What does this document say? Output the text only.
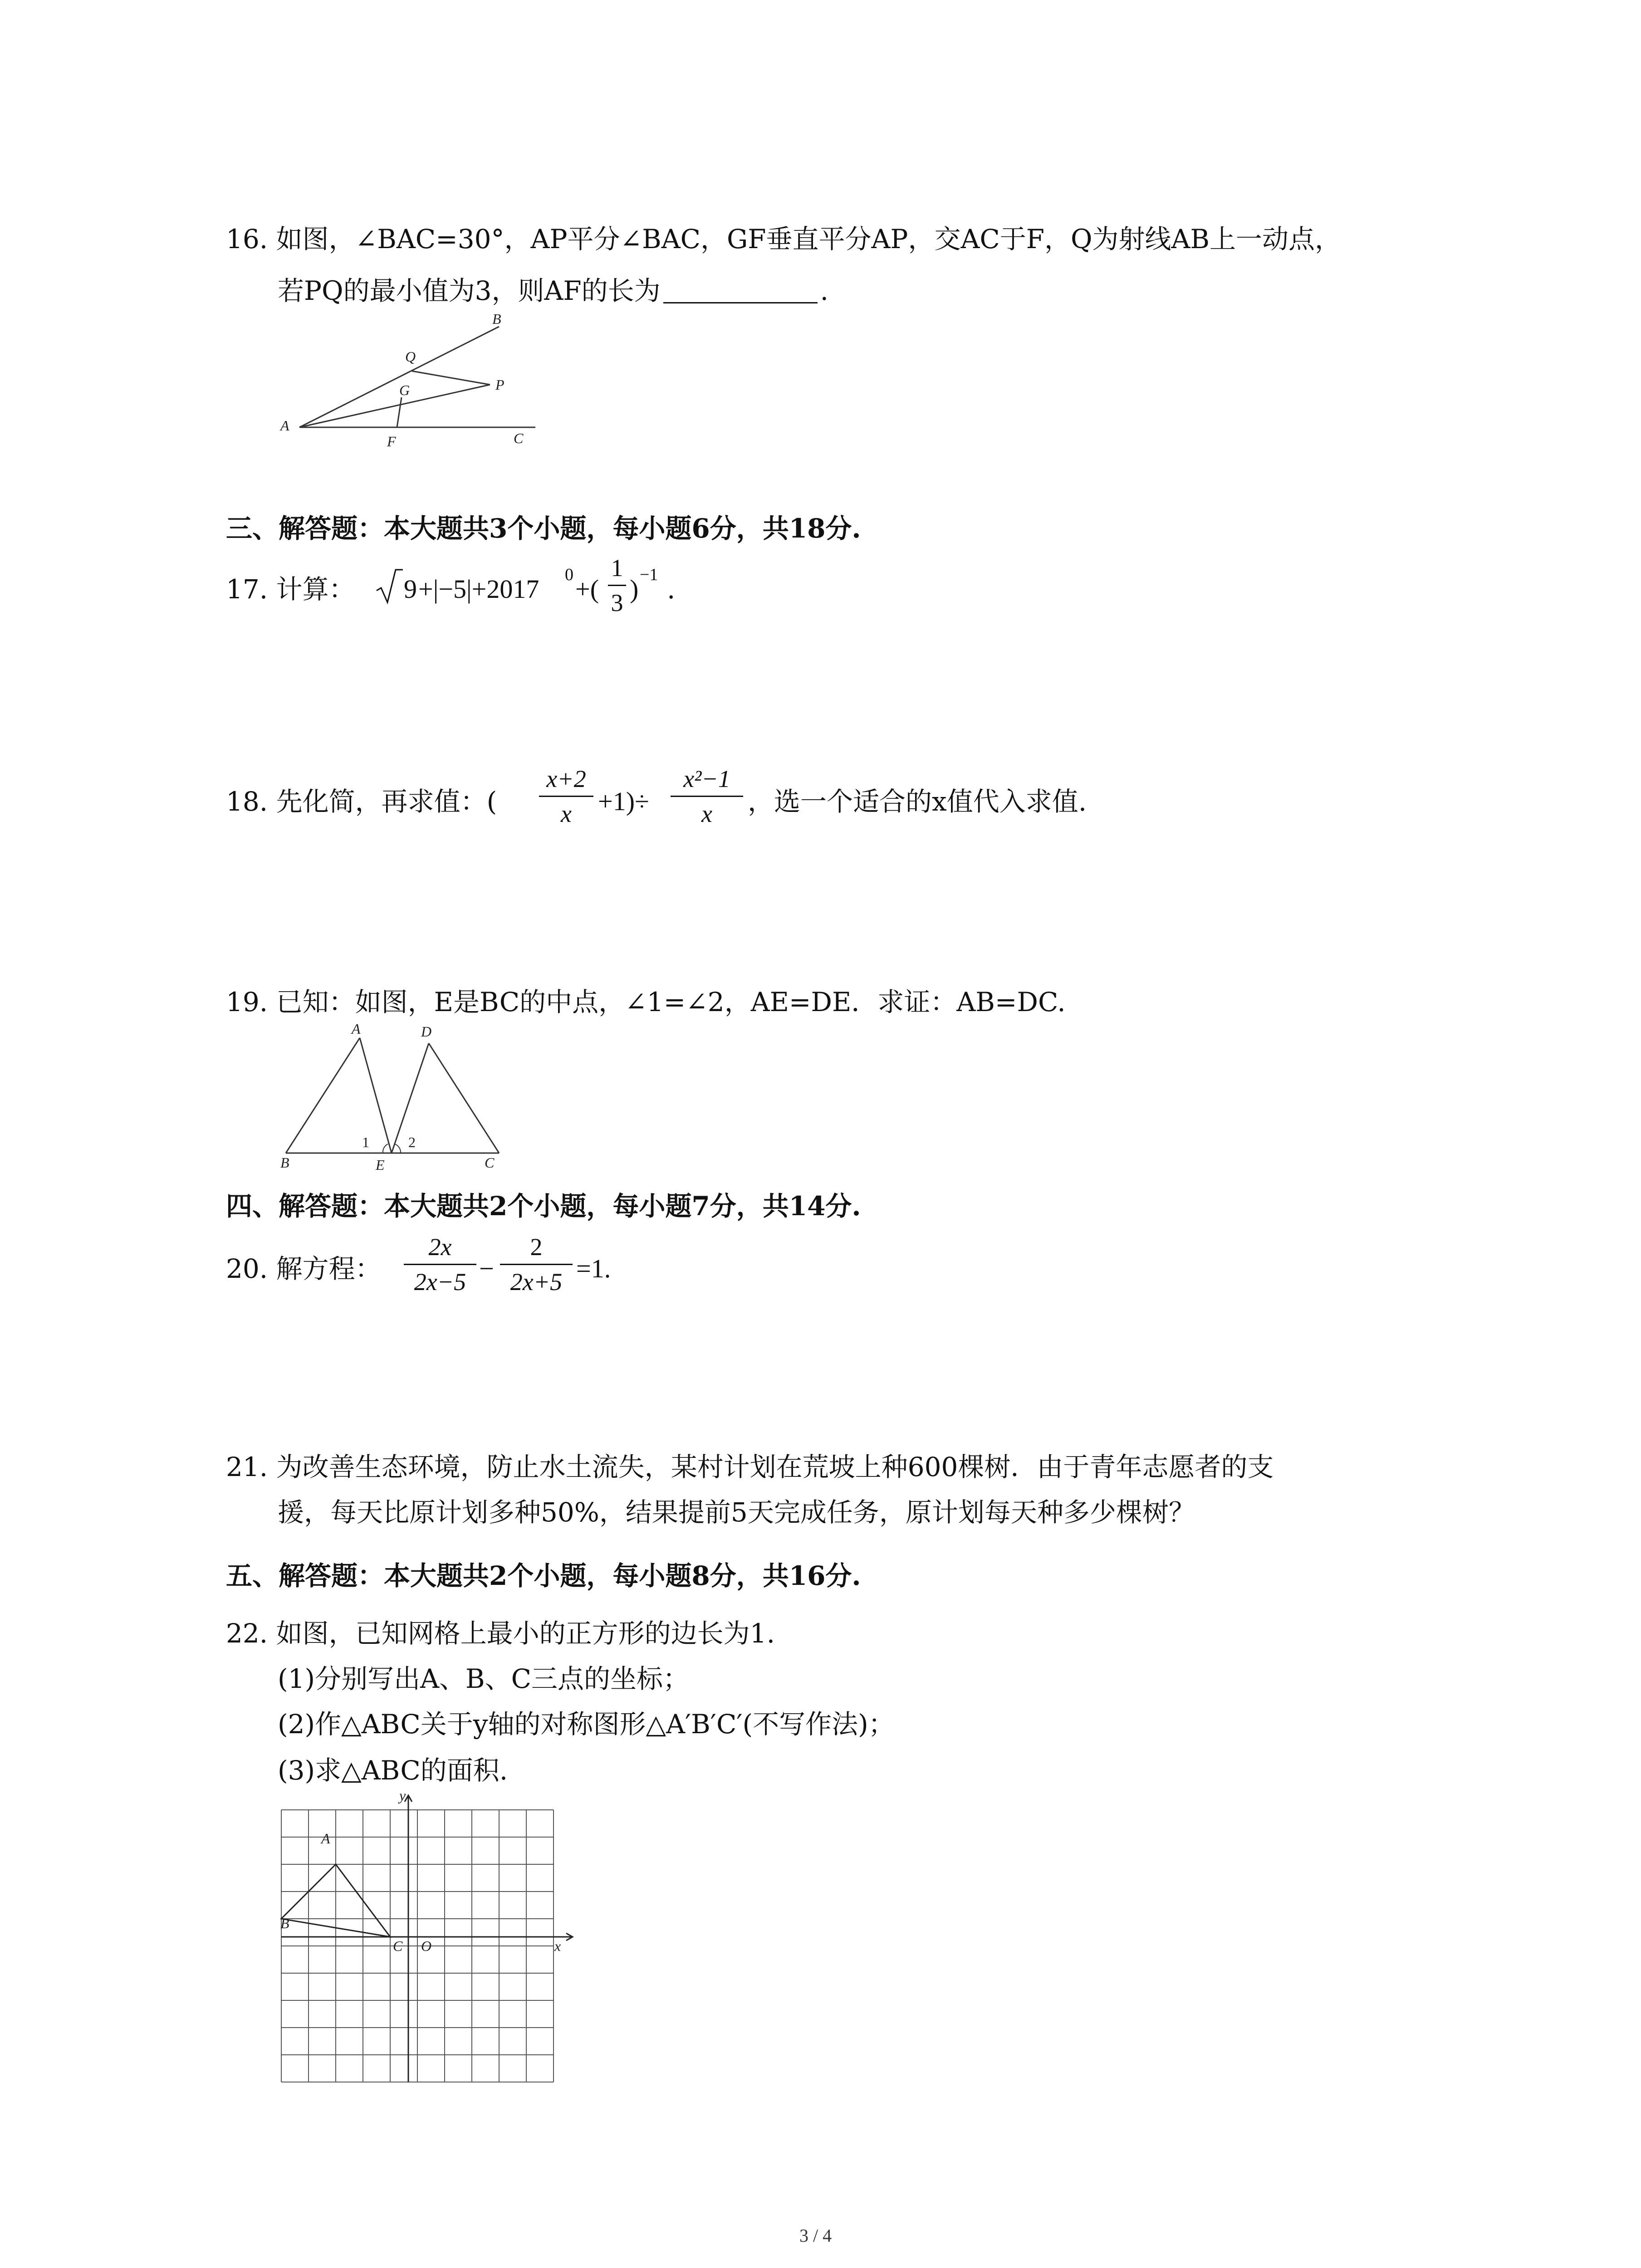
16. 如图，∠BAC=30°，AP平分∠BAC，GF垂直平分AP，交AC于F，Q为射线AB上一动点，
若PQ的最小值为3，则AF的长为	.
A
B
Q
G	P
F	C
三、解答题：本大题共3个小题，每小题6分，共18分.
17. 计算： 9 +|−5|+2017 0 +(
1
3 ) −1 .
18. 先化简，再求值：(
x+2
x	+1)÷
x²−1
x	，选一个适合的x值代入求值.
19. 已知：如图，E是BC的中点，∠1=∠2，AE=DE．求证：AB=DC.
A	D
B	E	C
1	2
四、解答题：本大题共2个小题，每小题7分，共14分.
20. 解方程：
2x
2x−5 −
2
2x+5 =1.
21. 为改善生态环境，防止水土流失，某村计划在荒坡上种600棵树．由于青年志愿者的支
援，每天比原计划多种50%，结果提前5天完成任务，原计划每天种多少棵树？
五、解答题：本大题共2个小题，每小题8分，共16分.
22. 如图，已知网格上最小的正方形的边长为1.
(1)分别写出A、B、C三点的坐标；
(2)作△ABC关于y轴的对称图形△A′B′C′(不写作法)；
(3)求△ABC的面积.
A
B
C O	x
y
3 / 4
